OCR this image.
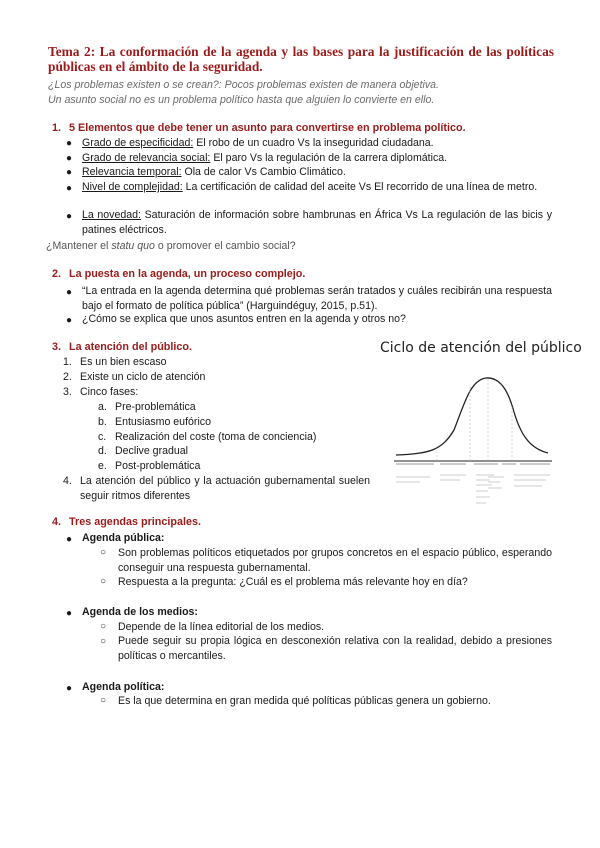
Tema 2: La conformación de la agenda y las bases para la justificación de las políticas públicas en el ámbito de la seguridad.

¿Los problemas existen o se crean?: Pocos problemas existen de manera objetiva.
Un asunto social no es un problema político hasta que alguien lo convierte en ello.
1. 5 Elementos que debe tener un asunto para convertirse en problema político.
● Grado de especificidad: El robo de un cuadro Vs la inseguridad ciudadana.
● Grado de relevancia social: El paro Vs la regulación de la carrera diplomática.
● Relevancia temporal: Ola de calor Vs Cambio Climático.
● Nivel de complejidad: La certificación de calidad del aceite Vs El recorrido de una línea de metro.
● La novedad: Saturación de información sobre hambrunas en África Vs La regulación de las bicis y patines eléctricos.
¿Mantener el statu quo o promover el cambio social?
2. La puesta en la agenda, un proceso complejo.
● “La entrada en la agenda determina qué problemas serán tratados y cuáles recibirán una respuesta bajo el formato de política pública” (Harguindéguy, 2015, p.51).
● ¿Cómo se explica que unos asuntos entren en la agenda y otros no?
3. La atención del público.
1. Es un bien escaso
2. Existe un ciclo de atención
3. Cinco fases:
a. Pre-problemática
b. Entusiasmo eufórico
c. Realización del coste (toma de conciencia)
d. Declive gradual
e. Post-problemática
4. La atención del público y la actuación gubernamental suelen seguir ritmos diferentes
Ciclo de atención del público
4. Tres agendas principales.
● Agenda pública:
○ Son problemas políticos etiquetados por grupos concretos en el espacio público, esperando conseguir una respuesta gubernamental.
○ Respuesta a la pregunta: ¿Cuál es el problema más relevante hoy en día?
● Agenda de los medios:
○ Depende de la línea editorial de los medios.
○ Puede seguir su propia lógica en desconexión relativa con la realidad, debido a presiones políticas o mercantiles.
● Agenda política:
○ Es la que determina en gran medida qué políticas públicas genera un gobierno.
